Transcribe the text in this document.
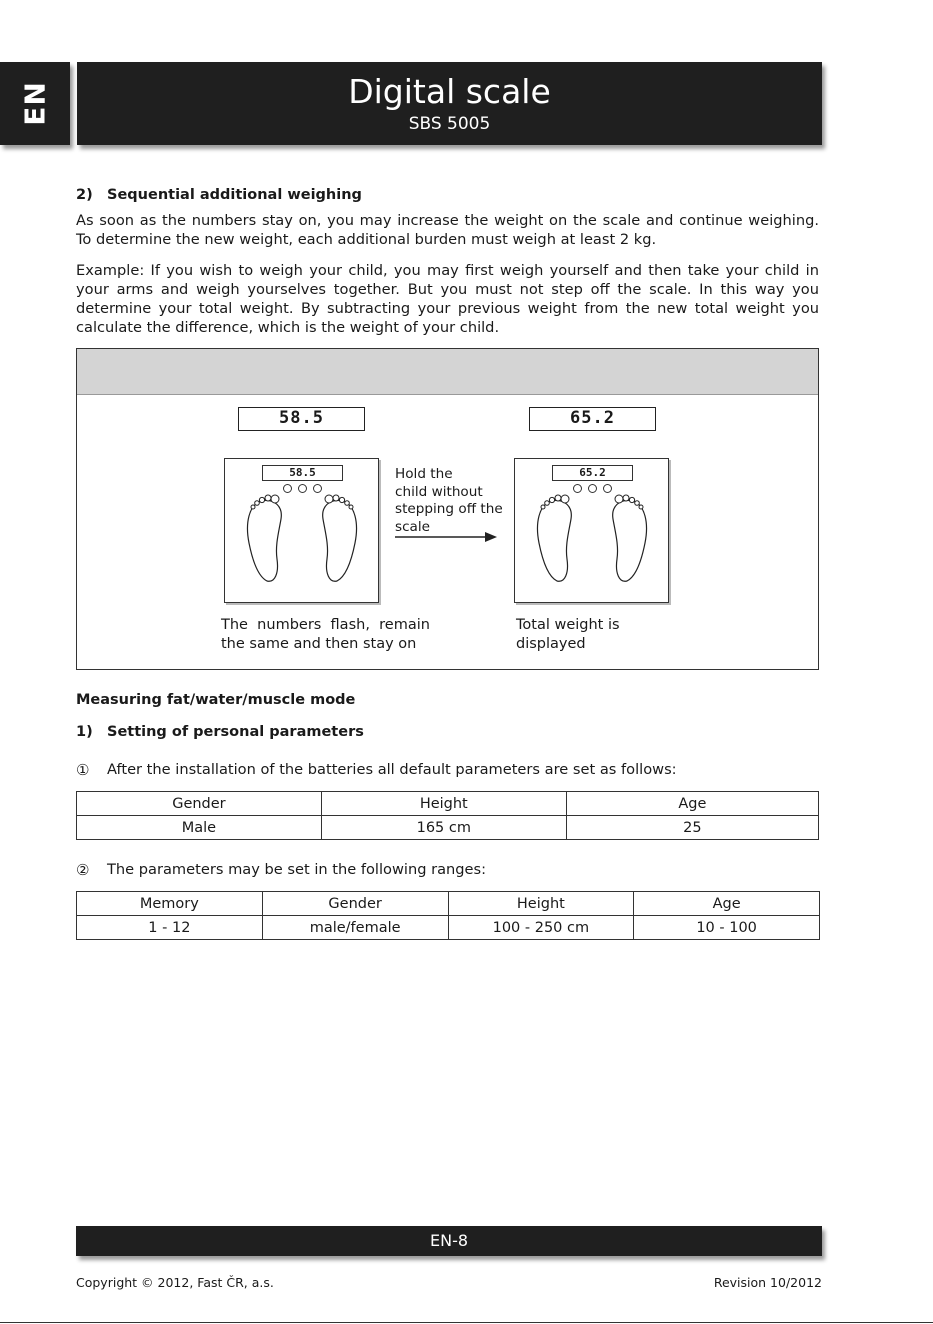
EN	Digital scale
SBS 5005
2) Sequential additional weighing
As soon as the numbers stay on, you may increase the weight on the scale and continue weighing. To determine the new weight, each additional burden must weigh at least 2 kg.
Example: If you wish to weigh your child, you may first weigh yourself and then take your child in your arms and weigh yourselves together. But you must not step off the scale. In this way you determine your total weight. By subtracting your previous weight from the new total weight you calculate the difference, which is the weight of your child.
58.5	65.2
58.5	65.2
Hold the
child without
stepping off the
scale
The  numbers  flash,  remain
the same and then stay on
Total weight is
displayed
Measuring fat/water/muscle mode
1) Setting of personal parameters
① After the installation of the batteries all default parameters are set as follows:
Gender	Height	Age
Male	165 cm	25
② The parameters may be set in the following ranges:
Memory	Gender	Height	Age
1 - 12	male/female	100 - 250 cm	10 - 100
EN-8
Copyright © 2012, Fast ČR, a.s.	Revision 10/2012
